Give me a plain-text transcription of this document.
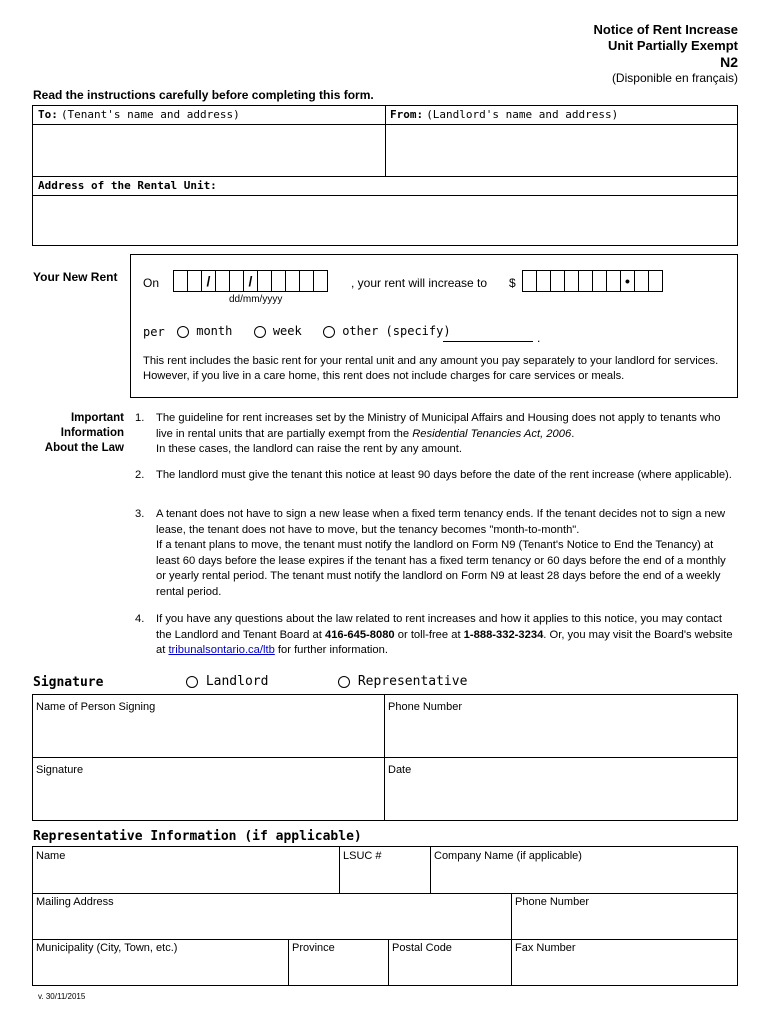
Notice of Rent Increase
Unit Partially Exempt
N2
(Disponible en français)
Read the instructions carefully before completing this form.
To: (Tenant's name and address)	From: (Landlord's name and address)
Address of the Rental Unit:
Your New Rent On	/	/
dd/mm/yyyy
, your rent will increase to $	•
per	month	week	other (specify)	.
This rent includes the basic rent for your rental unit and any amount you pay separately to your landlord for services. However, if you live in a care home, this rent does not include charges for care services or meals.
Important
Information
About the Law
1. The guideline for rent increases set by the Ministry of Municipal Affairs and Housing does not apply to tenants who live in rental units that are partially exempt from the Residential Tenancies Act, 2006.
In these cases, the landlord can raise the rent by any amount.
2. The landlord must give the tenant this notice at least 90 days before the date of the rent increase (where applicable).
3. A tenant does not have to sign a new lease when a fixed term tenancy ends. If the tenant decides not to sign a new lease, the tenant does not have to move, but the tenancy becomes "month-to-month".
If a tenant plans to move, the tenant must notify the landlord on Form N9 (Tenant's Notice to End the Tenancy) at least 60 days before the lease expires if the tenant has a fixed term tenancy or 60 days before the end of a monthly or yearly rental period. The tenant must notify the landlord on Form N9 at least 28 days before the end of a weekly rental period.
4. If you have any questions about the law related to rent increases and how it applies to this notice, you may contact the Landlord and Tenant Board at 416-645-8080 or toll-free at 1-888-332-3234. Or, you may visit the Board's website at tribunalsontario.ca/ltb for further information.
Signature	Landlord	Representative
Name of Person Signing	Phone Number
Signature	Date
Representative Information (if applicable)
Name	LSUC #	Company Name (if applicable)
Mailing Address	Phone Number
Municipality (City, Town, etc.)	Province	Postal Code	Fax Number
v. 30/11/2015
